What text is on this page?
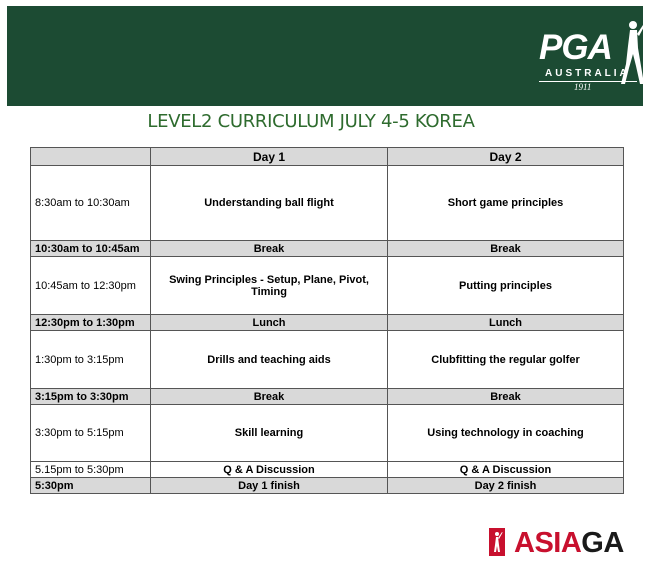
PGA
AUSTRALIA
1911
LEVEL2 CURRICULUM JULY 4-5 KOREA
	Day 1	Day 2
8:30am to 10:30am	Understanding ball flight	Short game principles
10:30am to 10:45am	Break	Break
10:45am to 12:30pm	Swing Principles - Setup, Plane, Pivot, Timing	Putting principles
12:30pm to 1:30pm	Lunch	Lunch
1:30pm to 3:15pm	Drills and teaching aids	Clubfitting the regular golfer
3:15pm to 3:30pm	Break	Break
3:30pm to 5:15pm	Skill learning	Using technology in coaching
5.15pm to 5:30pm	Q & A Discussion	Q & A Discussion
5:30pm	Day 1 finish	Day 2 finish
ASIAGA
